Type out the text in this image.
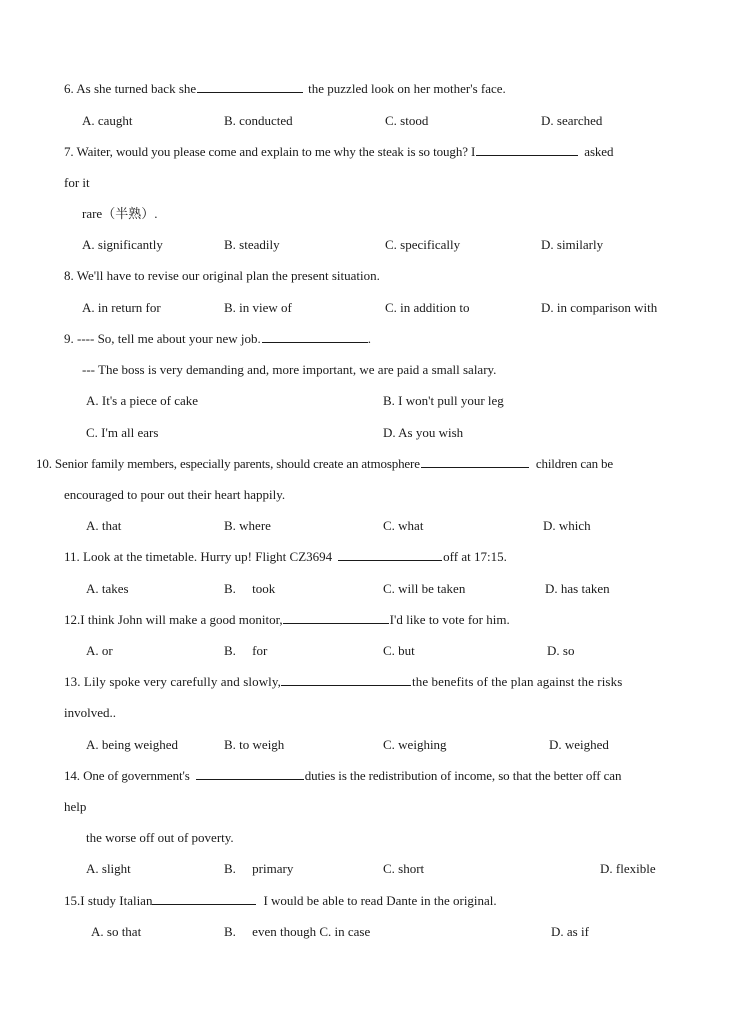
6. As she turned back she	the puzzled look on her mother's face.
A. caught	B. conducted	C. stood	D. searched
7. Waiter, would you please come and explain to me why the steak is so tough? I	asked
for it
rare（半熟）.
A. significantly	B. steadily	C. specifically	D. similarly
8. We'll have to revise our original plan the present situation.
A. in return for	B. in view of	C. in addition to	D. in comparison with
9. ---- So, tell me about your new job.	.
--- The boss is very demanding and, more important, we are paid a small salary.
A. It's a piece of cake	B. I won't pull your leg
C. I'm all ears	D. As you wish
10. Senior family members, especially parents, should create an atmosphere	children can be
encouraged to pour out their heart happily.
A. that	B. where	C. what	D. which
11. Look at the timetable. Hurry up! Flight CZ3694	off at 17:15.
A. takes	B.     took	C. will be taken	D. has taken
12.I think John will make a good monitor,	I'd like to vote for him.
A. or	B.     for	C. but	D. so
13. Lily spoke very carefully and slowly,	the benefits of the plan against the risks
involved..
A. being weighed	B. to weigh	C. weighing	D. weighed
14. One of government's	duties is the redistribution of income, so that the better off can
help
the worse off out of poverty.
A. slight	B.     primary	C. short	D. flexible
15.I study Italian	I would be able to read Dante in the original.
A. so that	B.     even though C. in case	D. as if
